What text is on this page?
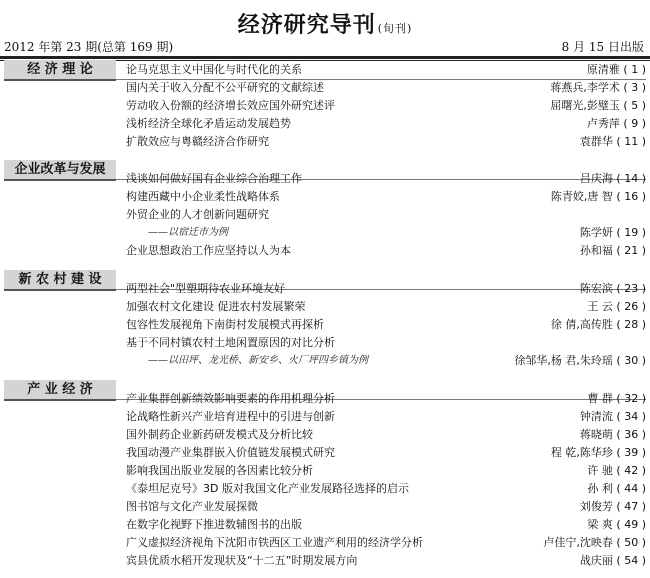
经济研究导刊 (旬刊)
2012 年第 23 期(总第 169 期)	8 月 15 日出版
经 济 理 论	论马克思主义中国化与时代化的关系	原清雅 ( 1 )
国内关于收入分配不公平研究的文献综述	蒋燕兵,李学术 ( 3 )
劳动收入份额的经济增长效应国外研究述评	屈曙光,彭璧玉 ( 5 )
浅析经济全球化矛盾运动发展趋势	卢秀萍 ( 9 )
扩散效应与粤赣经济合作研究	袁群华 ( 11 )
企业改革与发展
浅谈如何做好国有企业综合治理工作	吕庆海 ( 14 )
构建西藏中小企业柔性战略体系	陈青姣,唐 智 ( 16 )
外贸企业的人才创新问题研究
——以宿迁市为例	陈学妍 ( 19 )
企业思想政治工作应坚持以人为本	孙和福 ( 21 )
新 农 村 建 设
两型社会"型塑期待农业环境友好	陈宏滨 ( 23 )
加强农村文化建设 促进农村发展繁荣	王 云 ( 26 )
包容性发展视角下南街村发展模式再探析	徐 倩,高传胜 ( 28 )
基于不同村镇农村土地闲置原因的对比分析
——以田坪、龙光桥、新安乡、火厂坪四乡镇为例	徐邹华,杨 君,朱玲瑶 ( 30 )
产 业 经 济
产业集群创新绩效影响要素的作用机理分析	曹 群 ( 32 )
论战略性新兴产业培育进程中的引进与创新	钟清流 ( 34 )
国外制药企业新药研发模式及分析比较	蒋晓萌 ( 36 )
我国动漫产业集群嵌入价值链发展模式研究	程 乾,陈华珍 ( 39 )
影响我国出版业发展的各因素比较分析	许 驰 ( 42 )
《泰坦尼克号》3D 版对我国文化产业发展路径选择的启示	孙 利 ( 44 )
图书馆与文化产业发展探微	刘俊芳 ( 47 )
在数字化视野下推进数辅图书的出版	梁 爽 ( 49 )
广义虚拟经济视角下沈阳市铁西区工业遗产利用的经济学分析	卢佳宁,沈映春 ( 50 )
宾县优质水稻开发现状及“十二五”时期发展方向	战庆丽 ( 54 )
